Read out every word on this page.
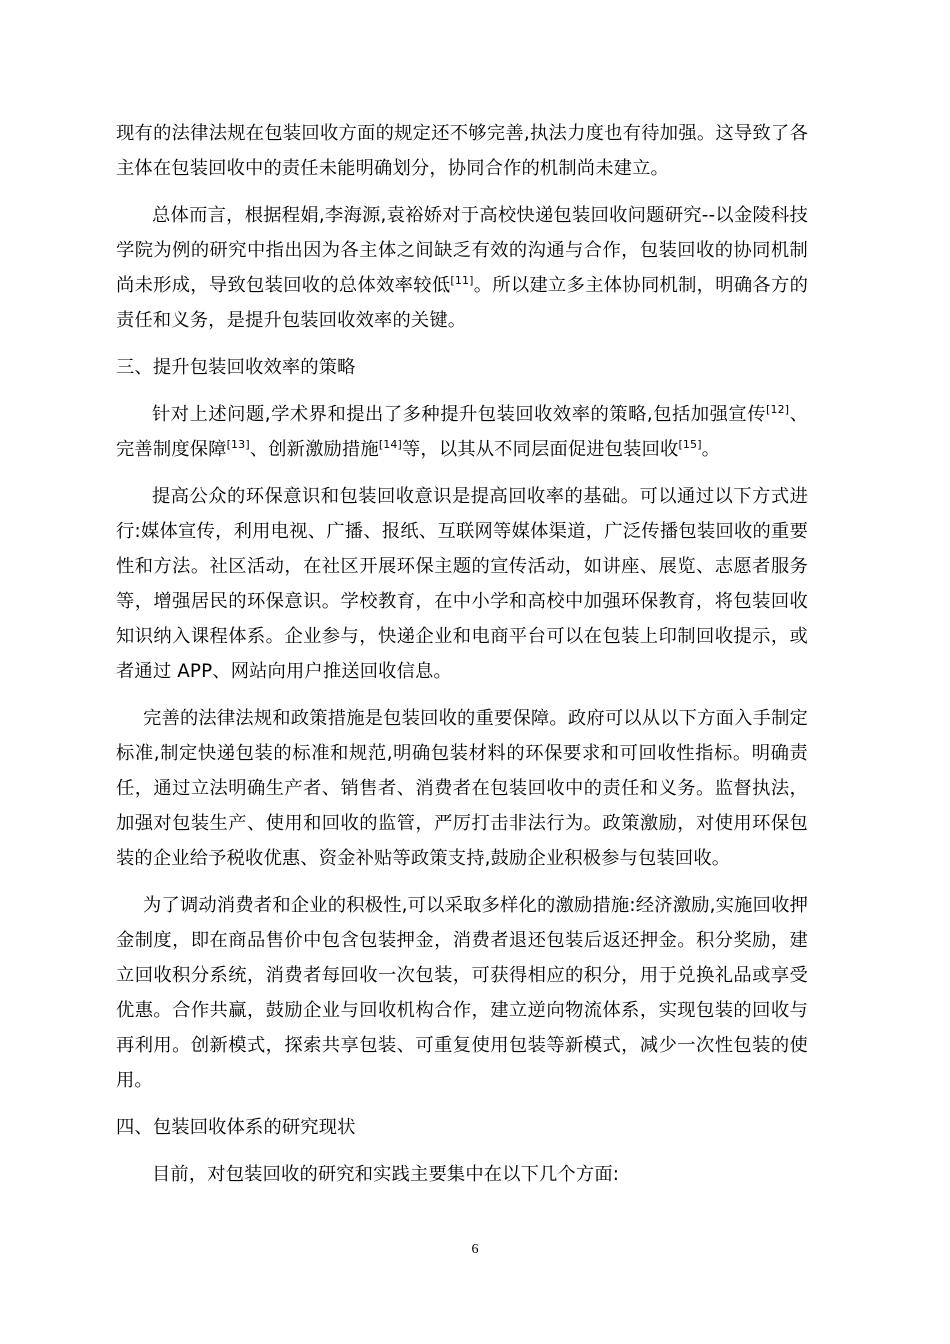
现有的法律法规在包装回收方面的规定还不够完善,执法力度也有待加强。这导致了各主体在包装回收中的责任未能明确划分，协同合作的机制尚未建立。

总体而言，根据程娟,李海源,袁裕娇对于高校快递包装回收问题研究--以金陵科技学院为例的研究中指出因为各主体之间缺乏有效的沟通与合作，包装回收的协同机制尚未形成，导致包装回收的总体效率较低[11]。所以建立多主体协同机制，明确各方的责任和义务，是提升包装回收效率的关键。

三、提升包装回收效率的策略

针对上述问题,学术界和提出了多种提升包装回收效率的策略,包括加强宣传[12]、完善制度保障[13]、创新激励措施[14]等，以其从不同层面促进包装回收[15]。

提高公众的环保意识和包装回收意识是提高回收率的基础。可以通过以下方式进行:媒体宣传，利用电视、广播、报纸、互联网等媒体渠道，广泛传播包装回收的重要性和方法。社区活动，在社区开展环保主题的宣传活动，如讲座、展览、志愿者服务等，增强居民的环保意识。学校教育，在中小学和高校中加强环保教育，将包装回收知识纳入课程体系。企业参与，快递企业和电商平台可以在包装上印制回收提示，或者通过 APP、网站向用户推送回收信息。

完善的法律法规和政策措施是包装回收的重要保障。政府可以从以下方面入手制定标准,制定快递包装的标准和规范,明确包装材料的环保要求和可回收性指标。明确责任，通过立法明确生产者、销售者、消费者在包装回收中的责任和义务。监督执法，加强对包装生产、使用和回收的监管，严厉打击非法行为。政策激励，对使用环保包装的企业给予税收优惠、资金补贴等政策支持,鼓励企业积极参与包装回收。

为了调动消费者和企业的积极性,可以采取多样化的激励措施:经济激励,实施回收押金制度，即在商品售价中包含包装押金，消费者退还包装后返还押金。积分奖励，建立回收积分系统，消费者每回收一次包装，可获得相应的积分，用于兑换礼品或享受优惠。合作共赢，鼓励企业与回收机构合作，建立逆向物流体系，实现包装的回收与再利用。创新模式，探索共享包装、可重复使用包装等新模式，减少一次性包装的使用。

四、包装回收体系的研究现状

目前，对包装回收的研究和实践主要集中在以下几个方面:

6
